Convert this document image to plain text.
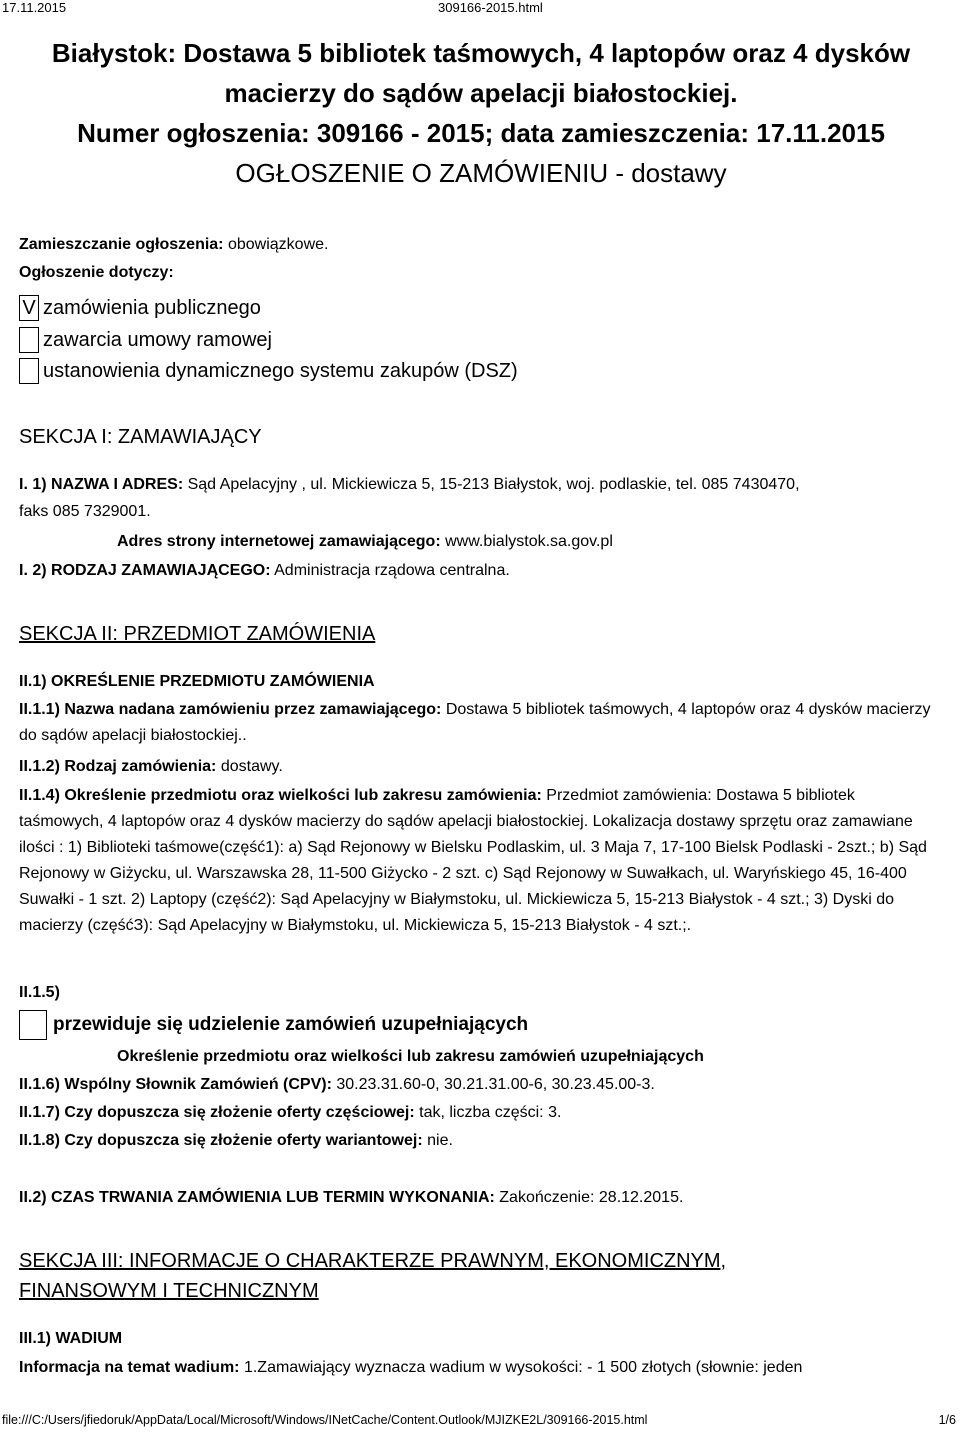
17.11.2015	309166-2015.html
Białystok: Dostawa 5 bibliotek taśmowych, 4 laptopów oraz 4 dysków
macierzy do sądów apelacji białostockiej.
Numer ogłoszenia: 309166 - 2015; data zamieszczenia: 17.11.2015
OGŁOSZENIE O ZAMÓWIENIU - dostawy
Zamieszczanie ogłoszenia: obowiązkowe.
Ogłoszenie dotyczy:
V zamówienia publicznego
zawarcia umowy ramowej
ustanowienia dynamicznego systemu zakupów (DSZ)
SEKCJA I: ZAMAWIAJĄCY
I. 1) NAZWA I ADRES: Sąd Apelacyjny , ul. Mickiewicza 5, 15-213 Białystok, woj. podlaskie, tel. 085 7430470,
faks 085 7329001.
Adres strony internetowej zamawiającego: www.bialystok.sa.gov.pl
I. 2) RODZAJ ZAMAWIAJĄCEGO: Administracja rządowa centralna.
SEKCJA II: PRZEDMIOT ZAMÓWIENIA
II.1) OKREŚLENIE PRZEDMIOTU ZAMÓWIENIA
II.1.1) Nazwa nadana zamówieniu przez zamawiającego: Dostawa 5 bibliotek taśmowych, 4 laptopów oraz 4 dysków macierzy do sądów apelacji białostockiej..
II.1.2) Rodzaj zamówienia: dostawy.
II.1.4) Określenie przedmiotu oraz wielkości lub zakresu zamówienia: Przedmiot zamówienia: Dostawa 5 bibliotek taśmowych, 4 laptopów oraz 4 dysków macierzy do sądów apelacji białostockiej. Lokalizacja dostawy sprzętu oraz zamawiane ilości : 1) Biblioteki taśmowe(część1): a) Sąd Rejonowy w Bielsku Podlaskim, ul. 3 Maja 7, 17-100 Bielsk Podlaski - 2szt.; b) Sąd Rejonowy w Giżycku, ul. Warszawska 28, 11-500 Giżycko - 2 szt. c) Sąd Rejonowy w Suwałkach, ul. Waryńskiego 45, 16-400 Suwałki - 1 szt. 2) Laptopy (część2): Sąd Apelacyjny w Białymstoku, ul. Mickiewicza 5, 15-213 Białystok - 4 szt.; 3) Dyski do macierzy (częśćЗ): Sąd Apelacyjny w Białymstoku, ul. Mickiewicza 5, 15-213 Białystok - 4 szt.;.
II.1.5)
przewiduje się udzielenie zamówień uzupełniających
Określenie przedmiotu oraz wielkości lub zakresu zamówień uzupełniających
II.1.6) Wspólny Słownik Zamówień (CPV): 30.23.31.60-0, 30.21.31.00-6, 30.23.45.00-3.
II.1.7) Czy dopuszcza się złożenie oferty częściowej: tak, liczba części: 3.
II.1.8) Czy dopuszcza się złożenie oferty wariantowej: nie.
II.2) CZAS TRWANIA ZAMÓWIENIA LUB TERMIN WYKONANIA: Zakończenie: 28.12.2015.
SEKCJA III: INFORMACJE O CHARAKTERZE PRAWNYM, EKONOMICZNYM,
FINANSOWYM I TECHNICZNYM
III.1) WADIUM
Informacja na temat wadium: 1.Zamawiający wyznacza wadium w wysokości: - 1 500 złotych (słownie: jeden
file:///C:/Users/jfiedoruk/AppData/Local/Microsoft/Windows/INetCache/Content.Outlook/MJIZKE2L/309166-2015.html	1/6
